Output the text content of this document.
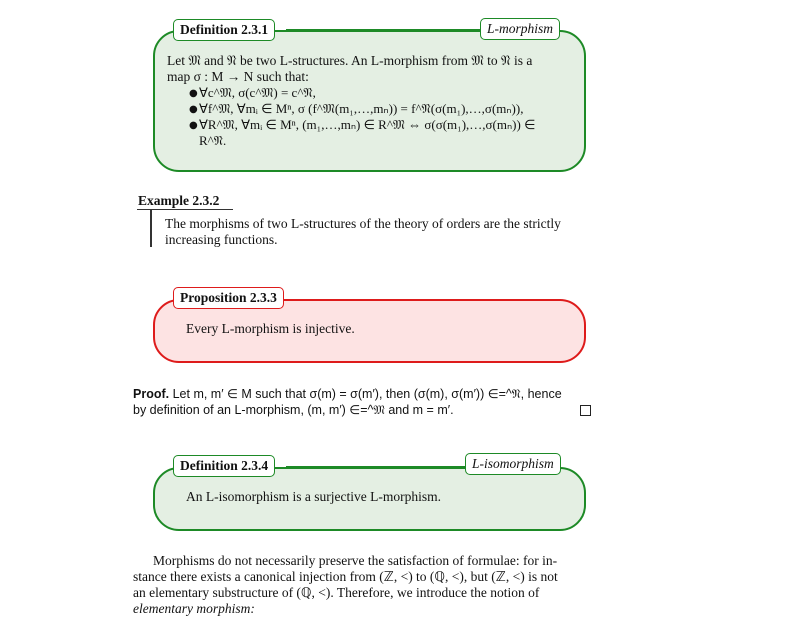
Definition 2.3.1	L-morphism
Let 𝔐 and 𝔑 be two L-structures. An L-morphism from 𝔐 to 𝔑 is a
map σ : M → N such that:
● ∀c^𝔐, σ(c^𝔐) = c^𝔑,
● ∀f^𝔐, ∀mᵢ ∈ Mⁿ, σ (f^𝔐(m₁,…,mₙ)) = f^𝔑(σ(m₁),…,σ(mₙ)),
● ∀R^𝔐, ∀mᵢ ∈ Mⁿ, (m₁,…,mₙ) ∈ R^𝔐 ⇔ σ(σ(m₁),…,σ(mₙ)) ∈
R^𝔑.
Example 2.3.2
The morphisms of two L-structures of the theory of orders are the strictly
increasing functions.
Proposition 2.3.3
Every L-morphism is injective.
Proof. Let m, m′ ∈ M such that σ(m) = σ(m′), then (σ(m), σ(m′)) ∈=^𝔑, hence
by definition of an L-morphism, (m, m′) ∈=^𝔐 and m = m′.
Definition 2.3.4	L-isomorphism
An L-isomorphism is a surjective L-morphism.
Morphisms do not necessarily preserve the satisfaction of formulae: for in-
stance there exists a canonical injection from (ℤ, <) to (ℚ, <), but (ℤ, <) is not
an elementary substructure of (ℚ, <). Therefore, we introduce the notion of
elementary morphism:
